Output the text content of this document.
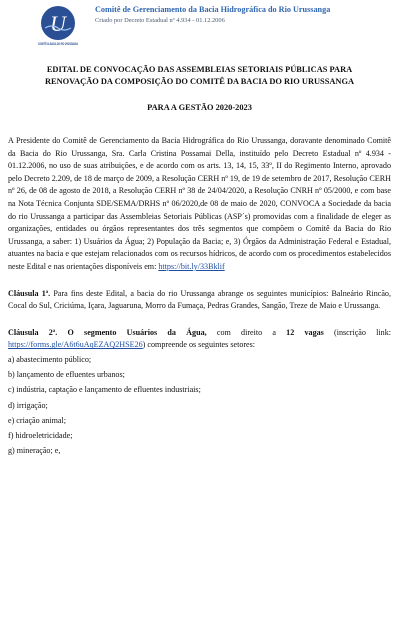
U
COMITÊ DA BACIA DO RIO URUSSANGA
Comitê de Gerenciamento da Bacia Hidrográfica do Rio Urussanga
Criado por Decreto Estadual nº 4.934 - 01.12.2006

EDITAL DE CONVOCAÇÃO DAS ASSEMBLEIAS SETORIAIS PÚBLICAS PARA
RENOVAÇÃO DA COMPOSIÇÃO DO COMITÊ DA BACIA DO RIO URUSSANGA

PARA A GESTÃO 2020-2023

A Presidente do Comitê de Gerenciamento da Bacia Hidrográfica do Rio Urussanga, doravante denominado Comitê da Bacia do Rio Urussanga, Sra. Carla Cristina Possamai Della, instituído pelo Decreto Estadual nº 4.934 - 01.12.2006, no uso de suas atribuições, e de acordo com os arts. 13, 14, 15, 33º, II do Regimento Interno, aprovado pelo Decreto 2.209, de 18 de março de 2009, a Resolução CERH nº 19, de 19 de setembro de 2017, Resolução CERH nº 26, de 08 de agosto de 2018, a Resolução CERH nº 38 de 24/04/2020, a Resolução CNRH nº 05/2000, e com base na Nota Técnica Conjunta SDE/SEMA/DRHS nº 06/2020,de 08 de maio de 2020, CONVOCA a Sociedade da bacia do rio Urussanga a participar das Assembleias Setoriais Públicas (ASP´s) promovidas com a finalidade de eleger as organizações, entidades ou órgãos representantes dos três segmentos que compõem o Comitê da Bacia do Rio Urussanga, a saber: 1) Usuários da Água; 2) População da Bacia; e, 3) Órgãos da Administração Federal e Estadual, atuantes na bacia e que estejam relacionados com os recursos hídricos, de acordo com os procedimentos estabelecidos neste Edital e nas orientações disponíveis em: https://bit.ly/33Bklif

Cláusula 1ª. Para fins deste Edital, a bacia do rio Urussanga abrange os seguintes municípios: Balneário Rincão, Cocal do Sul, Criciúma, Içara, Jaguaruna, Morro da Fumaça, Pedras Grandes, Sangão, Treze de Maio e Urussanga.

Cláusula 2ª. O segmento Usuários da Água, com direito a 12 vagas (inscrição link: https://forms.gle/A6t6uAqEZAQ2HSE26) compreende os seguintes setores:

a) abastecimento público;
b) lançamento de efluentes urbanos;
c) indústria, captação e lançamento de efluentes industriais;
d) irrigação;
e) criação animal;
f) hidroeletricidade;
g) mineração; e,
